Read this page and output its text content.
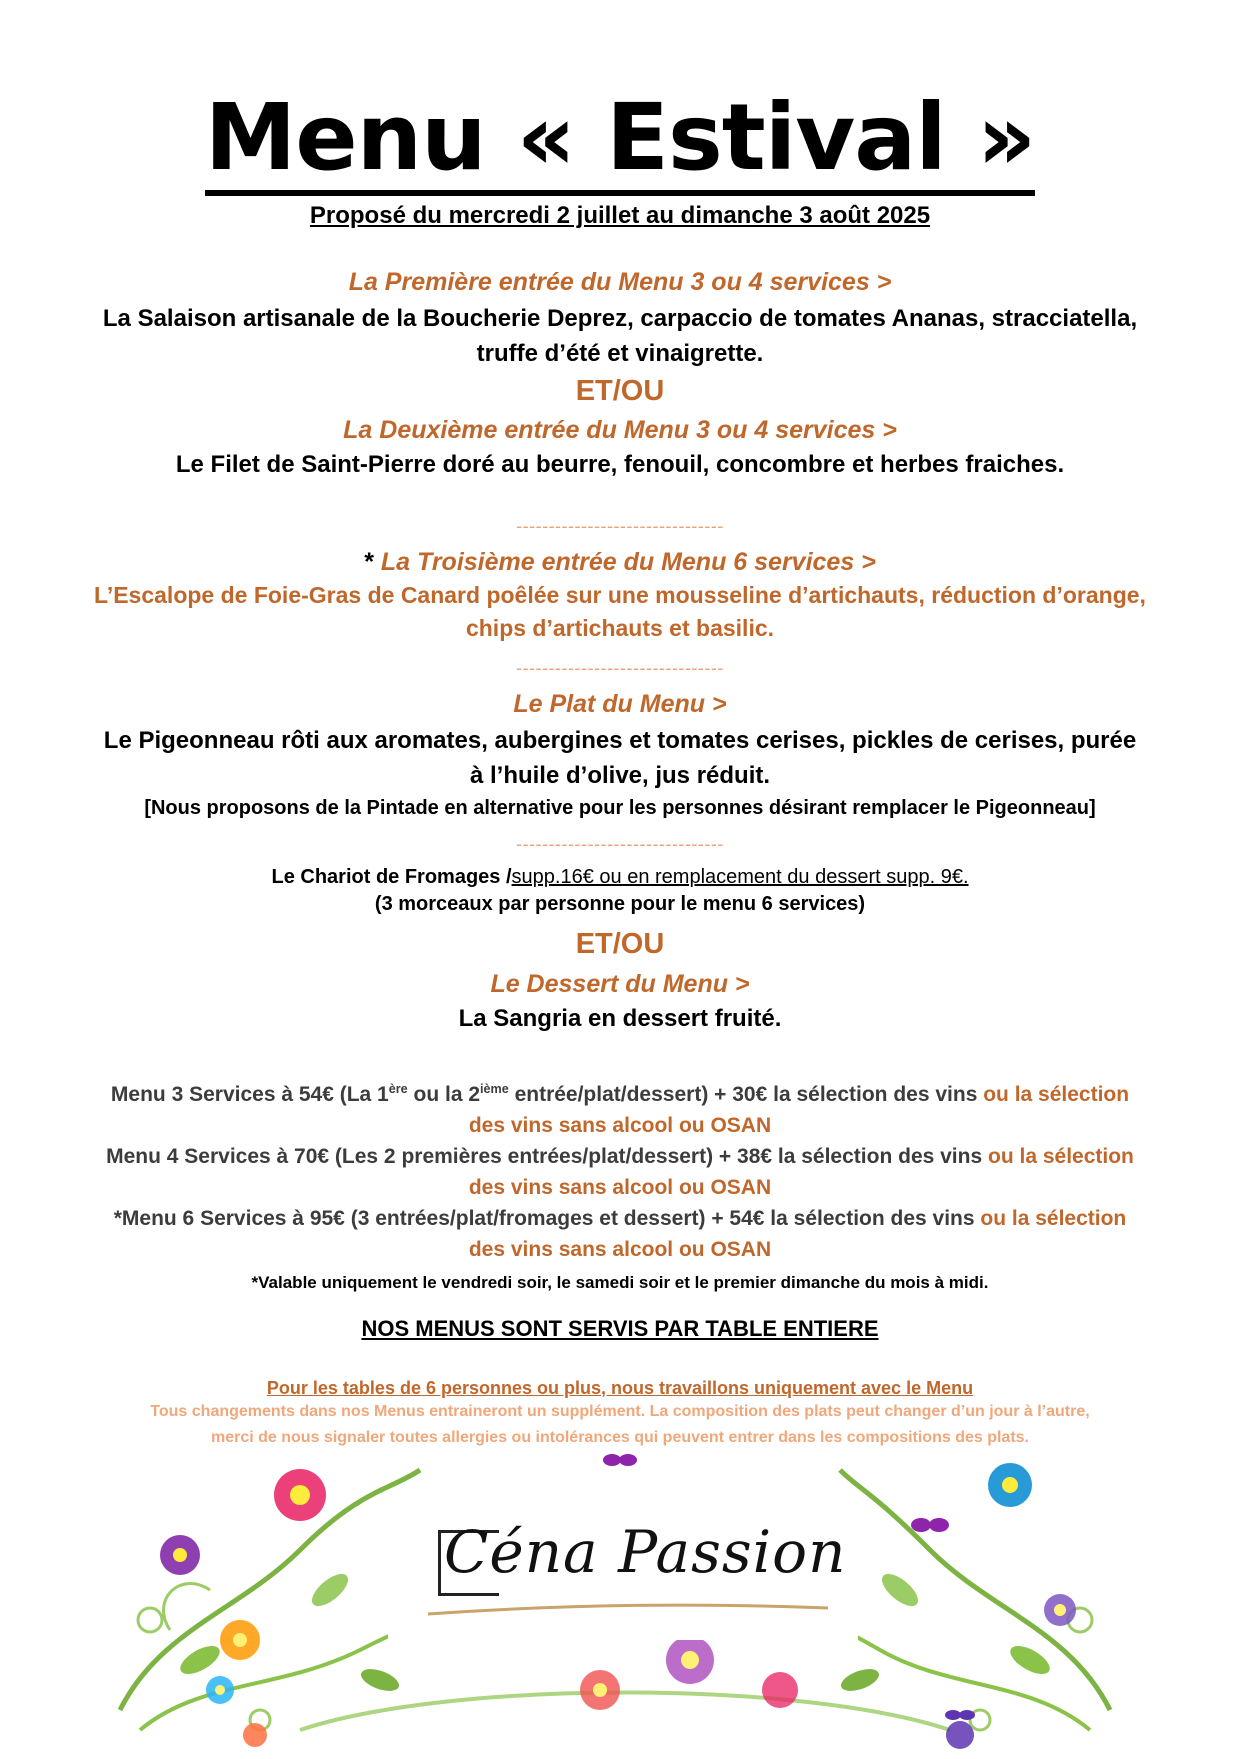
Menu « Estival »
Proposé du mercredi 2 juillet au dimanche 3 août 2025
La Première entrée du Menu 3 ou 4 services >
La Salaison artisanale de la Boucherie Deprez, carpaccio de tomates Ananas, stracciatella,
truffe d’été et vinaigrette.
ET/OU
La Deuxième entrée du Menu 3 ou 4 services >
Le Filet de Saint-Pierre doré au beurre, fenouil, concombre et herbes fraiches.
--------------------------------
* La Troisième entrée du Menu 6 services >
L’Escalope de Foie-Gras de Canard poêlée sur une mousseline d’artichauts, réduction d’orange,
chips d’artichauts et basilic.
--------------------------------
Le Plat du Menu >
Le Pigeonneau rôti aux aromates, aubergines et tomates cerises, pickles de cerises, purée
à l’huile d’olive, jus réduit.
[Nous proposons de la Pintade en alternative pour les personnes désirant remplacer le Pigeonneau]
--------------------------------
Le Chariot de Fromages /supp.16€ ou en remplacement du dessert supp. 9€.
(3 morceaux par personne pour le menu 6 services)
ET/OU
Le Dessert du Menu >
La Sangria en dessert fruité.
Menu 3 Services à 54€ (La 1ère ou la 2ième entrée/plat/dessert) + 30€ la sélection des vins ou la sélection
des vins sans alcool ou OSAN
Menu 4 Services à 70€ (Les 2 premières entrées/plat/dessert) + 38€ la sélection des vins ou la sélection
des vins sans alcool ou OSAN
*Menu 6 Services à 95€ (3 entrées/plat/fromages et dessert) + 54€ la sélection des vins ou la sélection
des vins sans alcool ou OSAN
*Valable uniquement le vendredi soir, le samedi soir et le premier dimanche du mois à midi.
NOS MENUS SONT SERVIS PAR TABLE ENTIERE
Pour les tables de 6 personnes ou plus, nous travaillons uniquement avec le Menu
Tous changements dans nos Menus entraineront un supplément. La composition des plats peut changer d’un jour à l’autre,
merci de nous signaler toutes allergies ou intolérances qui peuvent entrer dans les compositions des plats.
Céna Passion
